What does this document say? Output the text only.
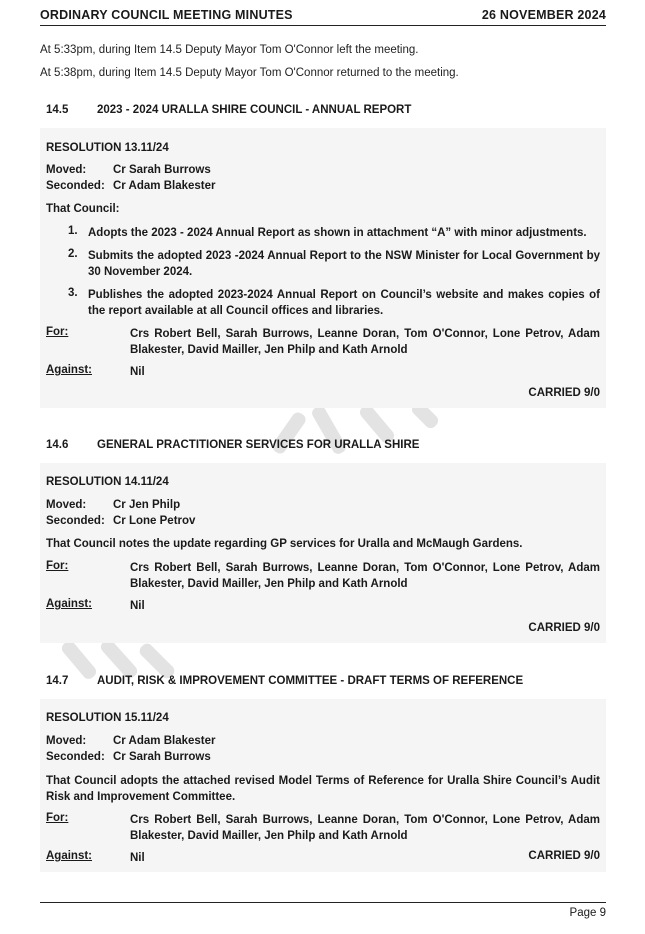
ORDINARY COUNCIL MEETING MINUTES	26 NOVEMBER 2024
At 5:33pm, during Item 14.5 Deputy Mayor Tom O'Connor left the meeting.
At 5:38pm, during Item 14.5 Deputy Mayor Tom O'Connor returned to the meeting.
14.5	2023 - 2024 URALLA SHIRE COUNCIL - ANNUAL REPORT
RESOLUTION 13.11/24
Moved: Cr Sarah Burrows
Seconded: Cr Adam Blakester
That Council:
1. Adopts the 2023 - 2024 Annual Report as shown in attachment “A” with minor adjustments.
2. Submits the adopted 2023 -2024 Annual Report to the NSW Minister for Local Government by 30 November 2024.
3. Publishes the adopted 2023-2024 Annual Report on Council’s website and makes copies of the report available at all Council offices and libraries.
For:	Crs Robert Bell, Sarah Burrows, Leanne Doran, Tom O'Connor, Lone Petrov, Adam Blakester, David Mailler, Jen Philp and Kath Arnold
Against:	Nil
CARRIED 9/0
14.6	GENERAL PRACTITIONER SERVICES FOR URALLA SHIRE
RESOLUTION 14.11/24
Moved: Cr Jen Philp
Seconded: Cr Lone Petrov
That Council notes the update regarding GP services for Uralla and McMaugh Gardens.
For:	Crs Robert Bell, Sarah Burrows, Leanne Doran, Tom O'Connor, Lone Petrov, Adam Blakester, David Mailler, Jen Philp and Kath Arnold
Against:	Nil
CARRIED 9/0
14.7	AUDIT, RISK & IMPROVEMENT COMMITTEE - DRAFT TERMS OF REFERENCE
RESOLUTION 15.11/24
Moved: Cr Adam Blakester
Seconded: Cr Sarah Burrows
That Council adopts the attached revised Model Terms of Reference for Uralla Shire Council’s Audit Risk and Improvement Committee.
For:	Crs Robert Bell, Sarah Burrows, Leanne Doran, Tom O'Connor, Lone Petrov, Adam Blakester, David Mailler, Jen Philp and Kath Arnold
Against:	Nil	CARRIED 9/0
Page 9
